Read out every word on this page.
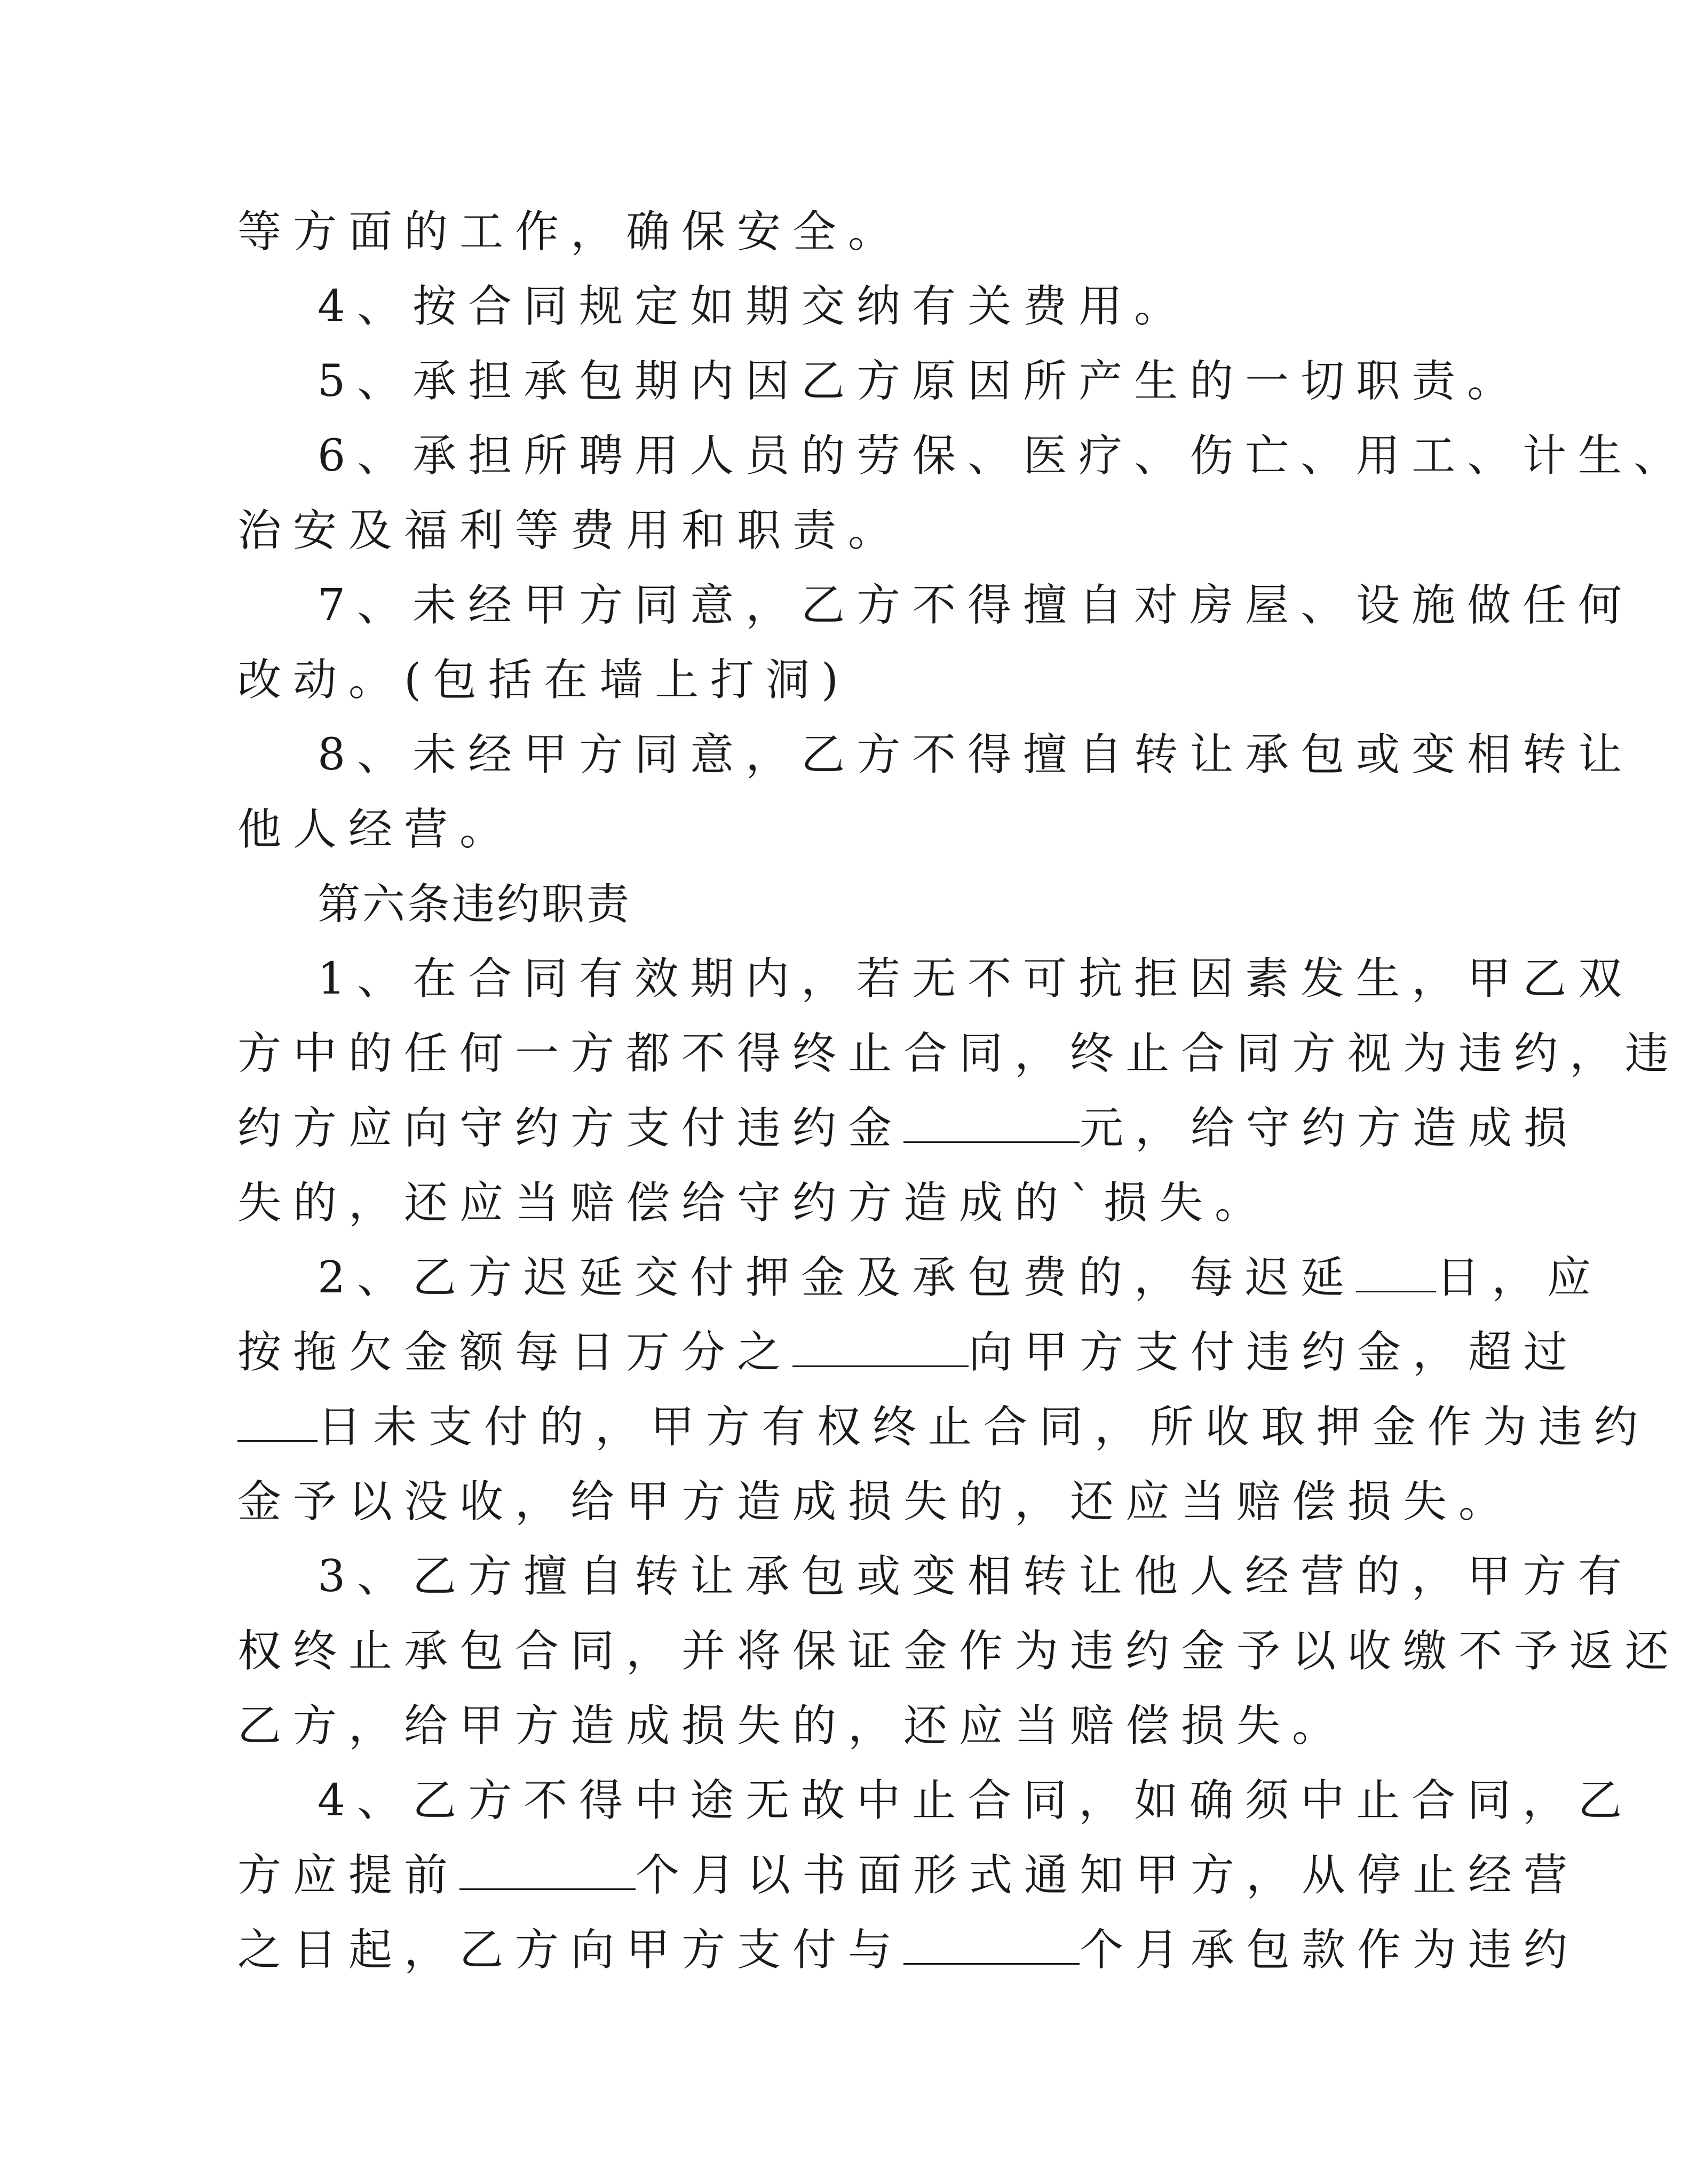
等方面的工作，确保安全。
4、按合同规定如期交纳有关费用。
5、承担承包期内因乙方原因所产生的一切职责。
6、承担所聘用人员的劳保、医疗、伤亡、用工、计生、
治安及福利等费用和职责。
7、未经甲方同意，乙方不得擅自对房屋、设施做任何
改动。(包括在墙上打洞)
8、未经甲方同意，乙方不得擅自转让承包或变相转让
他人经营。
第六条违约职责
1、在合同有效期内，若无不可抗拒因素发生，甲乙双
方中的任何一方都不得终止合同，终止合同方视为违约，违
约方应向守约方支付违约金	元，给守约方造成损
失的，还应当赔偿给守约方造成的`损失。
2、乙方迟延交付押金及承包费的，每迟延 日，应
按拖欠金额每日万分之	向甲方支付违约金，超过
日未支付的，甲方有权终止合同，所收取押金作为违约
金予以没收，给甲方造成损失的，还应当赔偿损失。
3、乙方擅自转让承包或变相转让他人经营的，甲方有
权终止承包合同，并将保证金作为违约金予以收缴不予返还
乙方，给甲方造成损失的，还应当赔偿损失。
4、乙方不得中途无故中止合同，如确须中止合同，乙
方应提前	个月以书面形式通知甲方，从停止经营
之日起，乙方向甲方支付与	个月承包款作为违约
